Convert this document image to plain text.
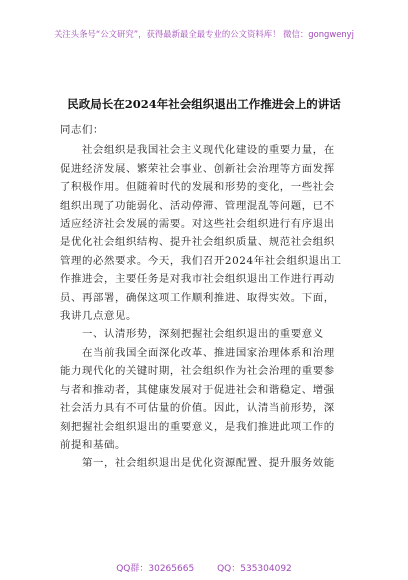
关注头条号“公文研究”，获得最新最全最专业的公文资料库！ 微信：gongwenyj
民政局长在2024年社会组织退出工作推进会上的讲话

同志们：

　　社会组织是我国社会主义现代化建设的重要力量，在

促进经济发展、繁荣社会事业、创新社会治理等方面发挥

了积极作用。但随着时代的发展和形势的变化，一些社会

组织出现了功能弱化、活动停滞、管理混乱等问题，已不

适应经济社会发展的需要。对这些社会组织进行有序退出

是优化社会组织结构、提升社会组织质量、规范社会组织

管理的必然要求。今天，我们召开2024年社会组织退出工

作推进会，主要任务是对我市社会组织退出工作进行再动

员、再部署，确保这项工作顺利推进、取得实效。下面，

我讲几点意见。

　　一、认清形势，深刻把握社会组织退出的重要意义

　　在当前我国全面深化改革、推进国家治理体系和治理

能力现代化的关键时期，社会组织作为社会治理的重要参

与者和推动者，其健康发展对于促进社会和谐稳定、增强

社会活力具有不可估量的价值。因此，认清当前形势，深

刻把握社会组织退出的重要意义，是我们推进此项工作的

前提和基础。

　　第一，社会组织退出是优化资源配置、提升服务效能

QQ群：30265665	QQ：535304092
